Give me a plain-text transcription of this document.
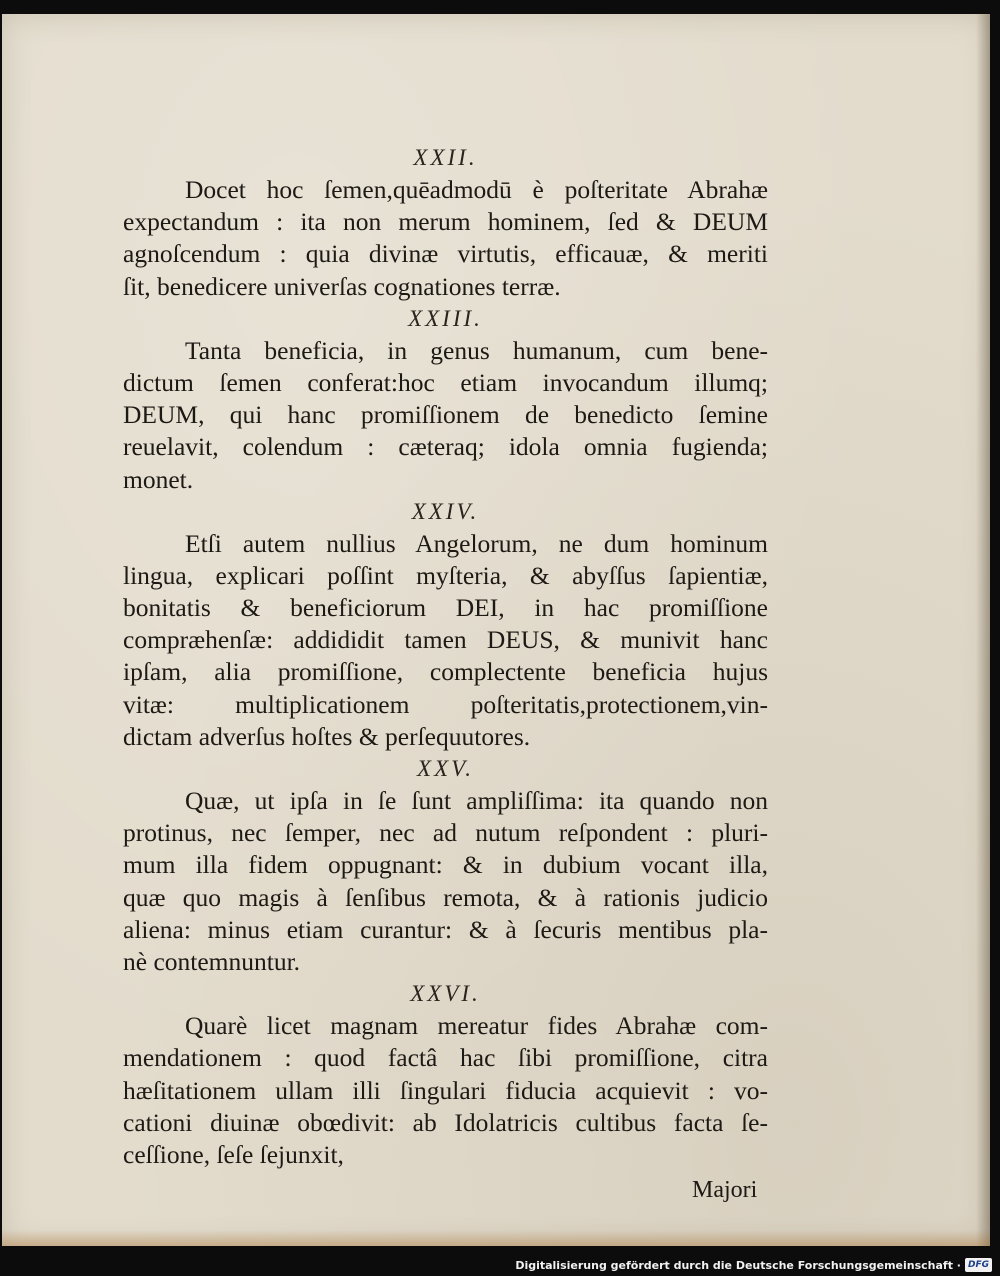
XXII.
Docet hoc ſemen,quēadmodū è poſteritate Abrahæ
expectandum : ita non merum hominem, ſed & DEUM
agnoſcendum : quia divinæ virtutis, efficauæ, & meriti
ſit, benedicere univerſas cognationes terræ.
XXIII.
Tanta beneficia, in genus humanum, cum bene-
dictum ſemen conferat:hoc etiam invocandum illumq;
DEUM, qui hanc promiſſionem de benedicto ſemine
reuelavit, colendum : cæteraq; idola omnia fugienda;
monet.
XXIV.
Etſi autem nullius Angelorum, ne dum hominum
lingua, explicari poſſint myſteria, & abyſſus ſapientiæ,
bonitatis & beneficiorum DEI, in hac promiſſione
compræhenſæ: addididit tamen DEUS, & munivit hanc
ipſam, alia promiſſione, complectente beneficia hujus
vitæ: multiplicationem poſteritatis,protectionem,vin-
dictam adverſus hoſtes & perſequutores.
XXV.
Quæ, ut ipſa in ſe ſunt ampliſſima: ita quando non
protinus, nec ſemper, nec ad nutum reſpondent : pluri-
mum illa fidem oppugnant: & in dubium vocant illa,
quæ quo magis à ſenſibus remota, & à rationis judicio
aliena: minus etiam curantur: & à ſecuris mentibus pla-
nè contemnuntur.
XXVI.
Quarè licet magnam mereatur fides Abrahæ com-
mendationem : quod factâ hac ſibi promiſſione, citra
hæſitationem ullam illi ſingulari fiducia acquievit : vo-
cationi diuinæ obœdivit: ab Idolatricis cultibus facta ſe-
ceſſione, ſeſe ſejunxit,
Majori
Digitalisierung gefördert durch die Deutsche Forschungsgemeinschaft · DFG
